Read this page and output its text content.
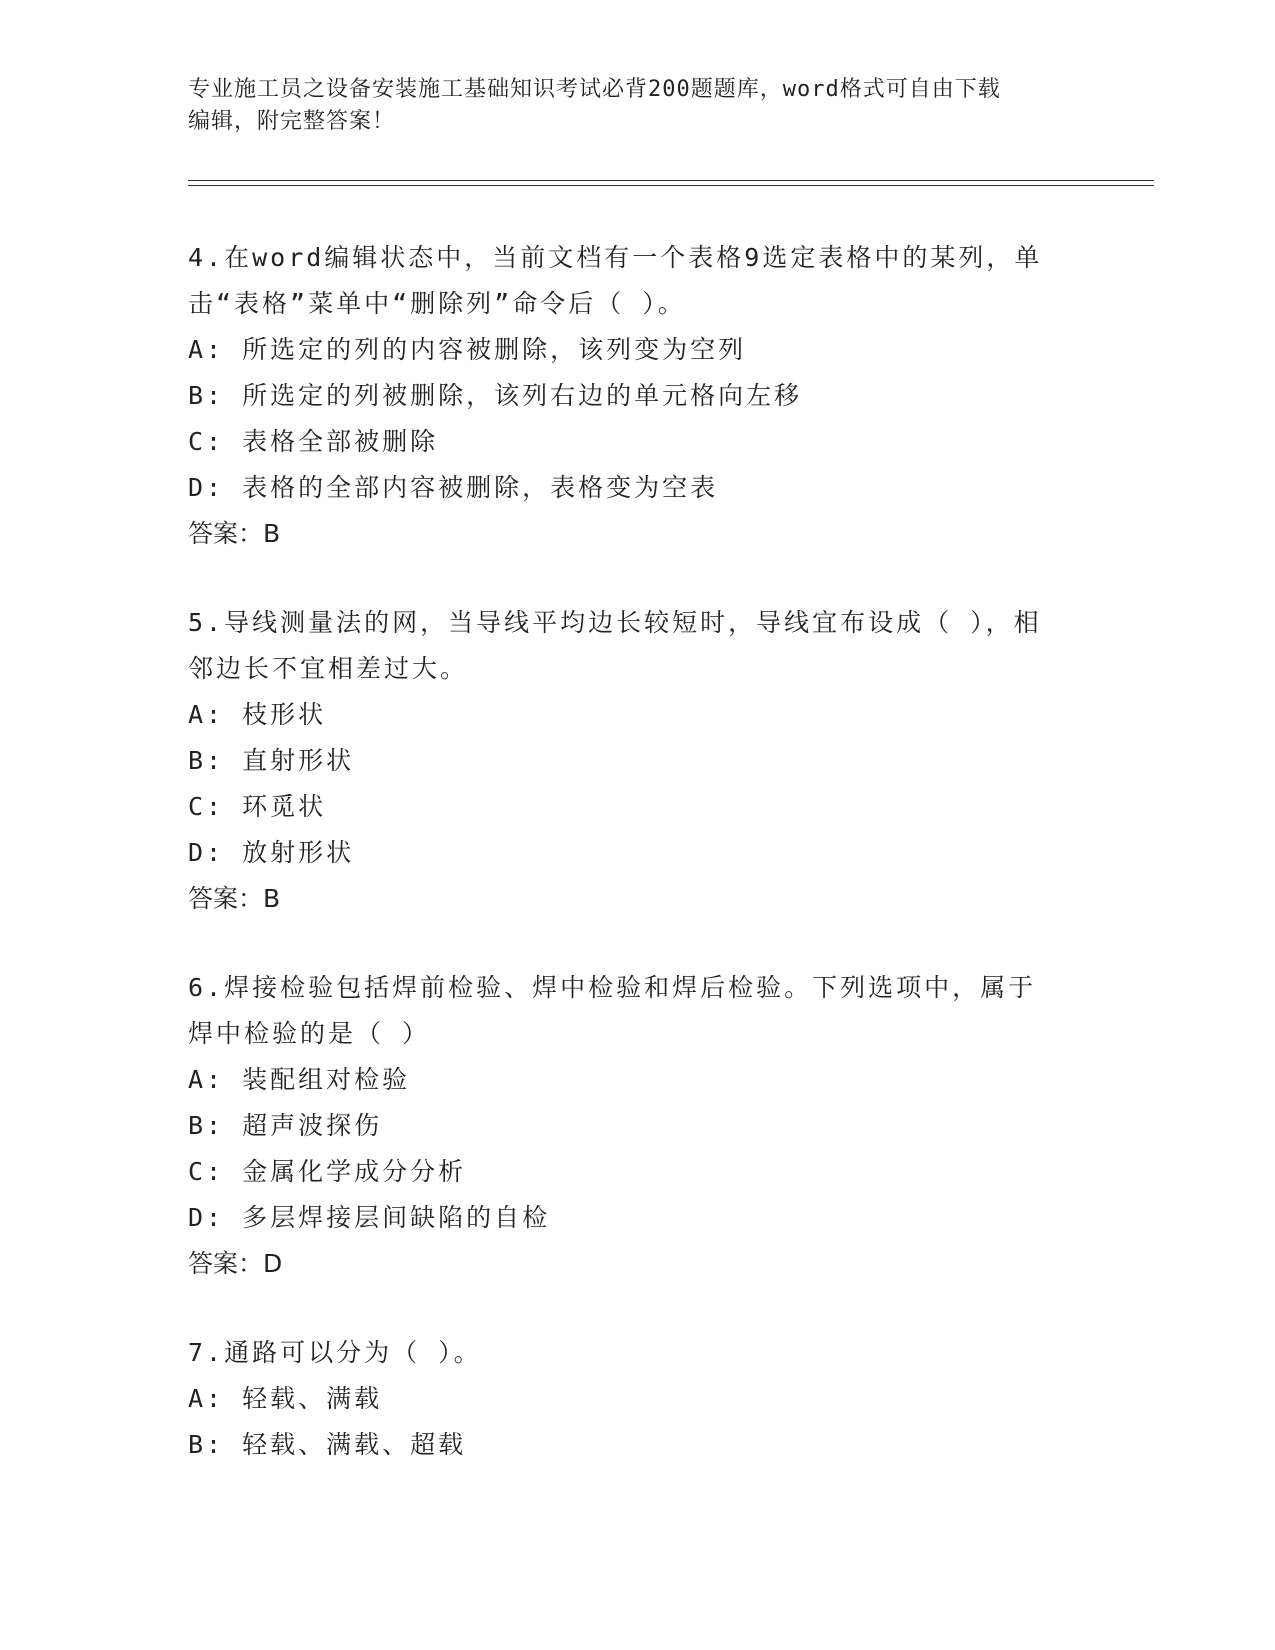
专业施工员之设备安装施工基础知识考试必背200题题库，word格式可自由下载
编辑，附完整答案！

4.在word编辑状态中，当前文档有一个表格9选定表格中的某列，单

击“表格”菜单中“删除列”命令后（ ）。

A: 所选定的列的内容被删除，该列变为空列

B: 所选定的列被删除，该列右边的单元格向左移

C: 表格全部被删除

D: 表格的全部内容被删除，表格变为空表

答案：B

5.导线测量法的网，当导线平均边长较短时，导线宜布设成（ ），相

邻边长不宜相差过大。

A: 枝形状

B: 直射形状

C: 环觅状

D: 放射形状

答案：B

6.焊接检验包括焊前检验、焊中检验和焊后检验。下列选项中，属于

焊中检验的是（ ）

A: 装配组对检验

B: 超声波探伤

C: 金属化学成分分析

D: 多层焊接层间缺陷的自检

答案：D

7.通路可以分为（ ）。

A: 轻载、满载

B: 轻载、满载、超载
